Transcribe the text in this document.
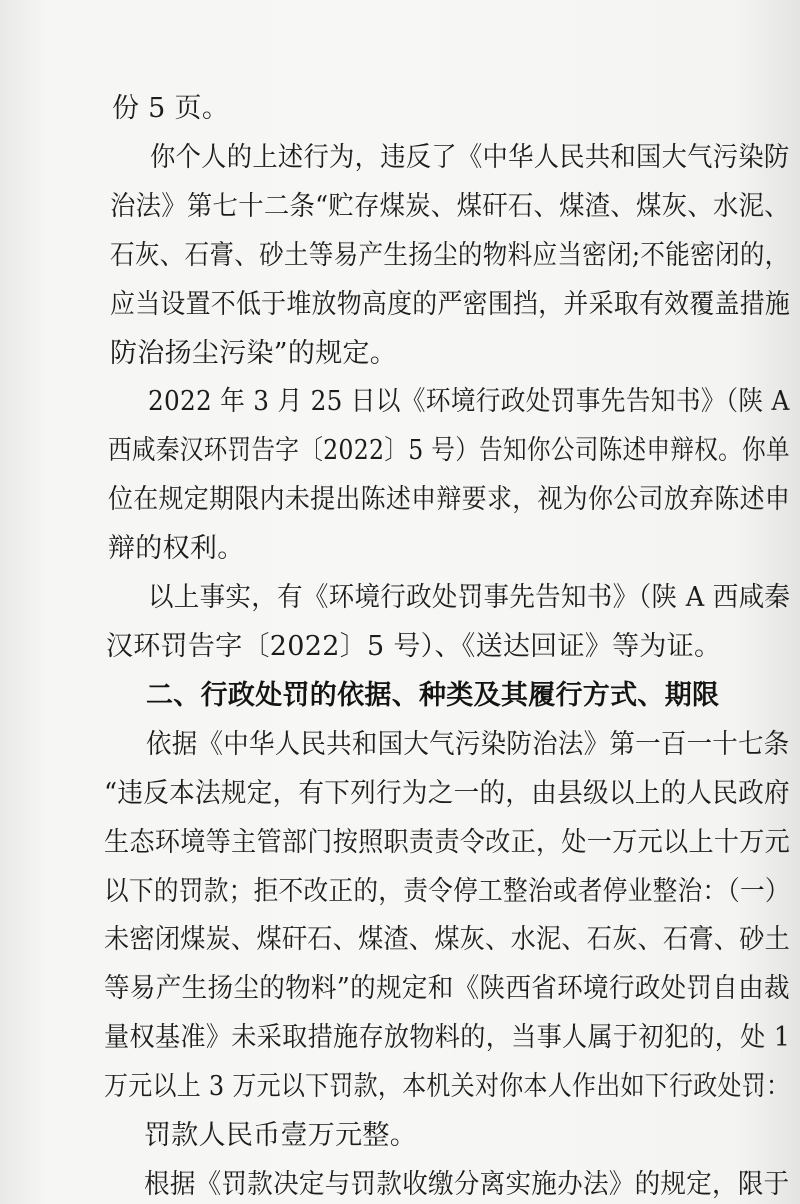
份 5 页。
你个人的上述行为，违反了《中华人民共和国大气污染防
治法》第七十二条“贮存煤炭、煤矸石、煤渣、煤灰、水泥、
石灰、石膏、砂土等易产生扬尘的物料应当密闭;不能密闭的，
应当设置不低于堆放物高度的严密围挡，并采取有效覆盖措施
防治扬尘污染”的规定。
2022 年 3 月 25 日以《环境行政处罚事先告知书》（陕 A
西咸秦汉环罚告字〔2022〕5 号）告知你公司陈述申辩权。你单
位在规定期限内未提出陈述申辩要求，视为你公司放弃陈述申
辩的权利。
以上事实，有《环境行政处罚事先告知书》（陕 A 西咸秦
汉环罚告字〔2022〕5 号）、《送达回证》等为证。
二、行政处罚的依据、种类及其履行方式、期限
依据《中华人民共和国大气污染防治法》第一百一十七条
“违反本法规定，有下列行为之一的，由县级以上的人民政府
生态环境等主管部门按照职责责令改正，处一万元以上十万元
以下的罚款；拒不改正的，责令停工整治或者停业整治：（一）
未密闭煤炭、煤矸石、煤渣、煤灰、水泥、石灰、石膏、砂土
等易产生扬尘的物料”的规定和《陕西省环境行政处罚自由裁
量权基准》未采取措施存放物料的，当事人属于初犯的，处 1
万元以上 3 万元以下罚款，本机关对你本人作出如下行政处罚：
罚款人民币壹万元整。
根据《罚款决定与罚款收缴分离实施办法》的规定，限于
